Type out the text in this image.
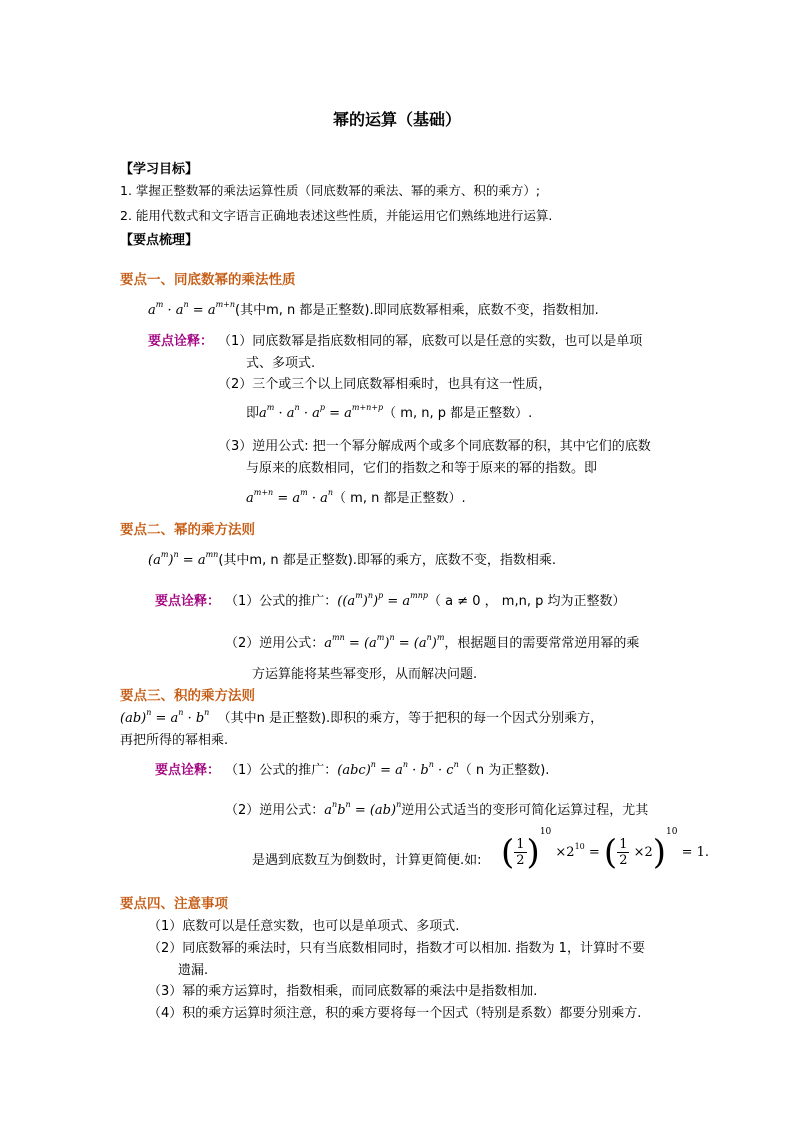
幂的运算（基础）
【学习目标】
1. 掌握正整数幂的乘法运算性质（同底数幂的乘法、幂的乘方、积的乘方）;
2. 能用代数式和文字语言正确地表述这些性质，并能运用它们熟练地进行运算.
【要点梳理】
要点一、同底数幂的乘法性质
$a^m \cdot a^n = a^{m+n}$(其中m, n 都是正整数).即同底数幂相乘，底数不变，指数相加.
要点诠释： （1）同底数幂是指底数相同的幂，底数可以是任意的实数，也可以是单项
式、多项式.
（2）三个或三个以上同底数幂相乘时，也具有这一性质，
即$a^m \cdot a^n \cdot a^p = a^{m+n+p}$（ m, n, p 都是正整数）.
（3）逆用公式: 把一个幂分解成两个或多个同底数幂的积，其中它们的底数
与原来的底数相同，它们的指数之和等于原来的幂的指数。即
$a^{m+n} = a^m \cdot a^n$（ m, n 都是正整数）.
要点二、幂的乘方法则
$(a^m)^n = a^{mn}$(其中m, n 都是正整数).即幂的乘方，底数不变，指数相乘.
要点诠释： （1）公式的推广：$((a^m)^n)^p = a^{mnp}$（ a ≠ 0 ， m,n, p 均为正整数）
（2）逆用公式：$a^{mn} = (a^m)^n = (a^n)^m$，根据题目的需要常常逆用幂的乘
方运算能将某些幂变形，从而解决问题.
要点三、积的乘方法则
$(ab)^n = a^n \cdot b^n$ （其中n 是正整数).即积的乘方，等于把积的每一个因式分别乘方，
再把所得的幂相乘.
要点诠释： （1）公式的推广：$(abc)^n = a^n \cdot b^n \cdot c^n$（ n 为正整数).
（2）逆用公式：$a^nb^n = (ab)^n$逆用公式适当的变形可简化运算过程，尤其
是遇到底数互为倒数时，计算更简便.如: ( $\frac{1}{2} )^{10} \times 2^{10}$ = ( $\frac{1}{2} \times 2)^{10} = 1$.
要点四、注意事项
（1）底数可以是任意实数，也可以是单项式、多项式.
（2）同底数幂的乘法时，只有当底数相同时，指数才可以相加. 指数为 1，计算时不要
遗漏.
（3）幂的乘方运算时，指数相乘，而同底数幂的乘法中是指数相加.
（4）积的乘方运算时须注意，积的乘方要将每一个因式（特别是系数）都要分别乘方.
